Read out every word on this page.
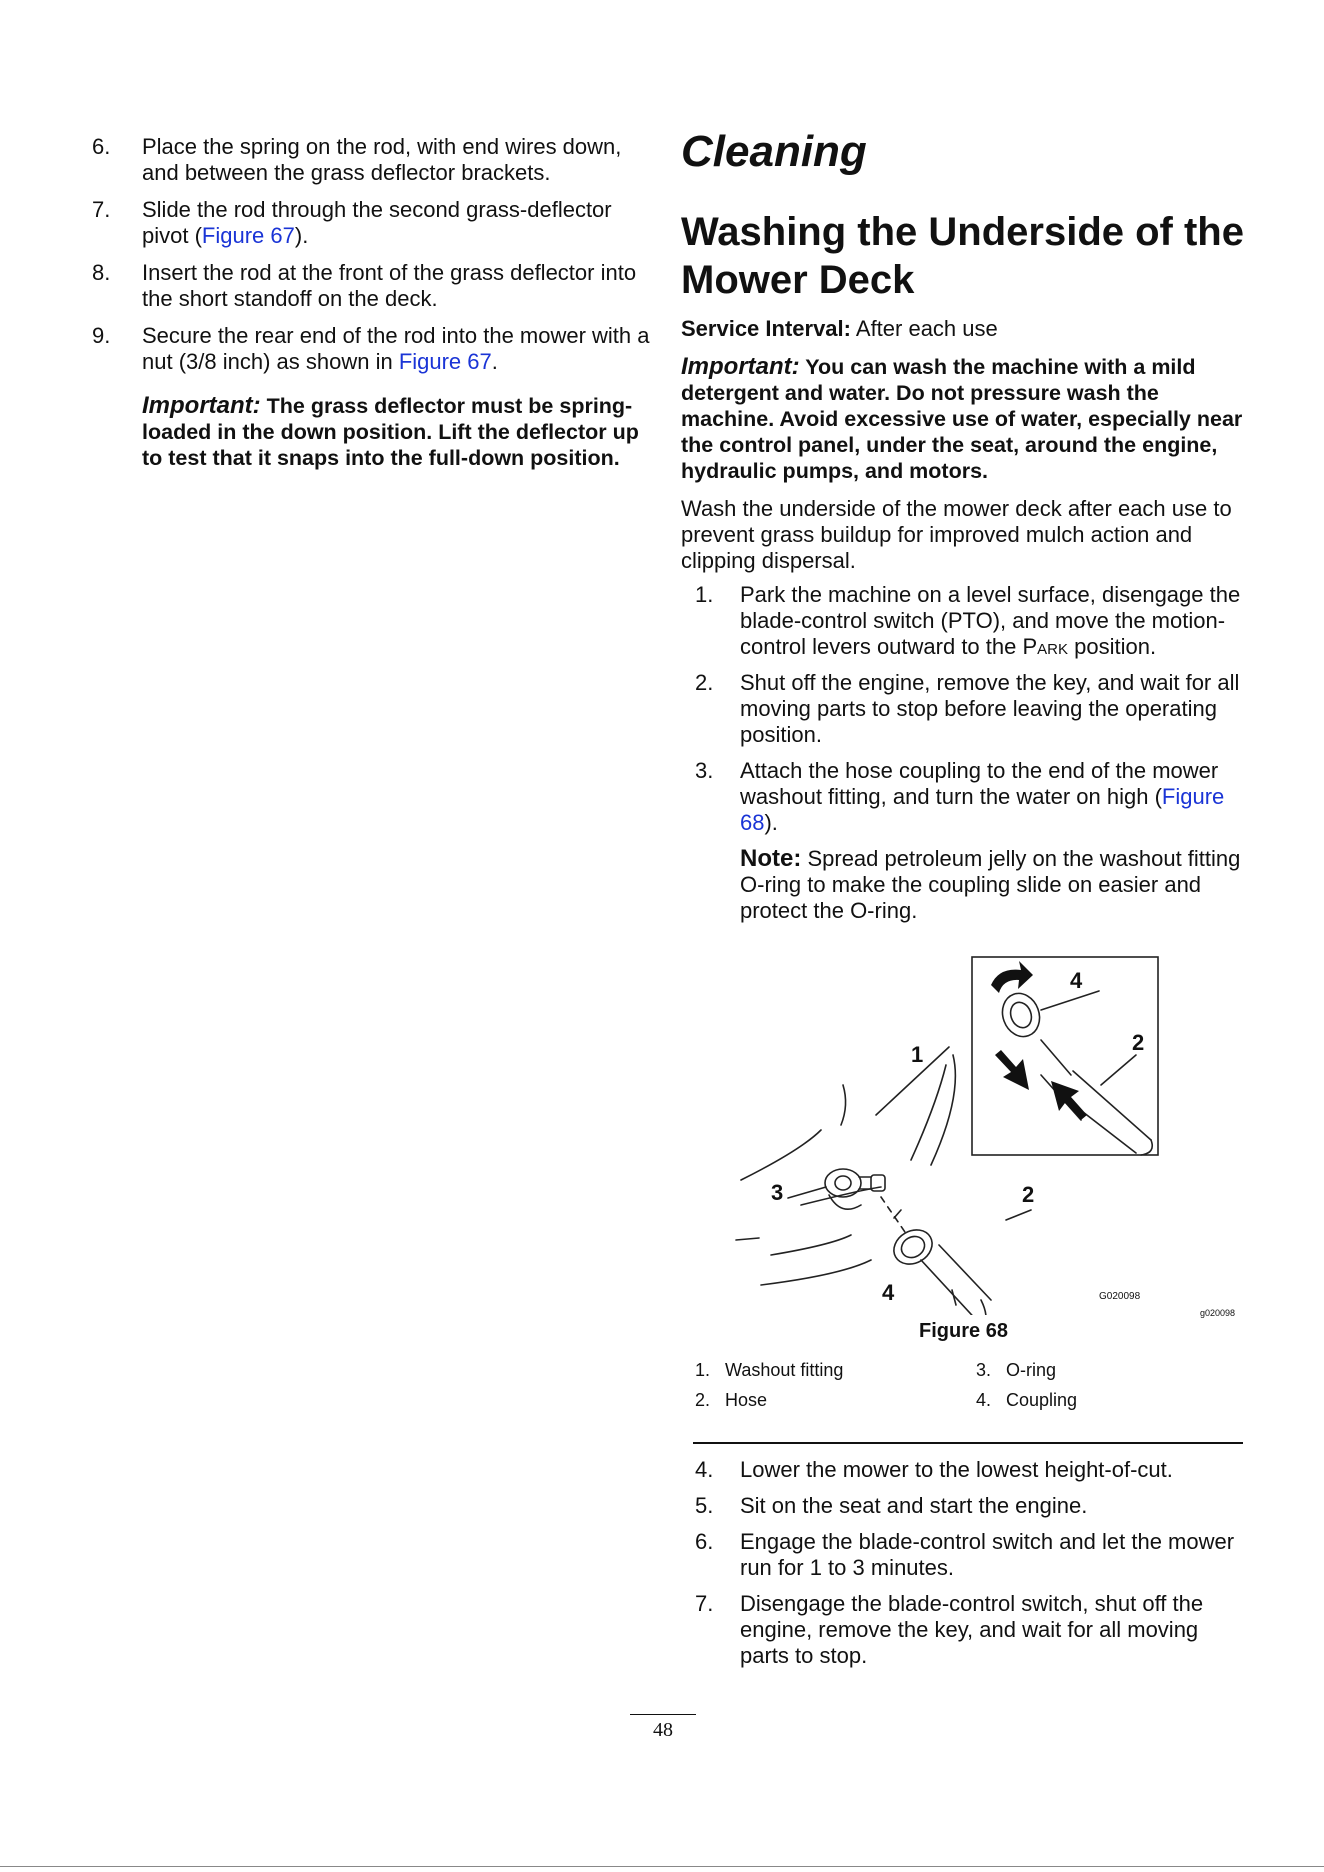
6. Place the spring on the rod, with end wires down, and between the grass deflector brackets.
7. Slide the rod through the second grass-deflector pivot (Figure 67).
8. Insert the rod at the front of the grass deflector into the short standoff on the deck.
9. Secure the rear end of the rod into the mower with a nut (3/8 inch) as shown in Figure 67.
Important: The grass deflector must be spring-loaded in the down position. Lift the deflector up to test that it snaps into the full-down position.
Cleaning
Washing the Underside of the Mower Deck
Service Interval: After each use
Important: You can wash the machine with a mild detergent and water. Do not pressure wash the machine. Avoid excessive use of water, especially near the control panel, under the seat, around the engine, hydraulic pumps, and motors.
Wash the underside of the mower deck after each use to prevent grass buildup for improved mulch action and clipping dispersal.
1. Park the machine on a level surface, disengage the blade-control switch (PTO), and move the motion-control levers outward to the Park position.
2. Shut off the engine, remove the key, and wait for all moving parts to stop before leaving the operating position.
3. Attach the hose coupling to the end of the mower washout fitting, and turn the water on high (Figure 68).
Note: Spread petroleum jelly on the washout fitting O-ring to make the coupling slide on easier and protect the O-ring.
1	2
3
4
4
2
G020098
g020098
Figure 68
1. Washout fitting
2. Hose
3. O-ring
4. Coupling
4. Lower the mower to the lowest height-of-cut.
5. Sit on the seat and start the engine.
6. Engage the blade-control switch and let the mower run for 1 to 3 minutes.
7. Disengage the blade-control switch, shut off the engine, remove the key, and wait for all moving parts to stop.
48
